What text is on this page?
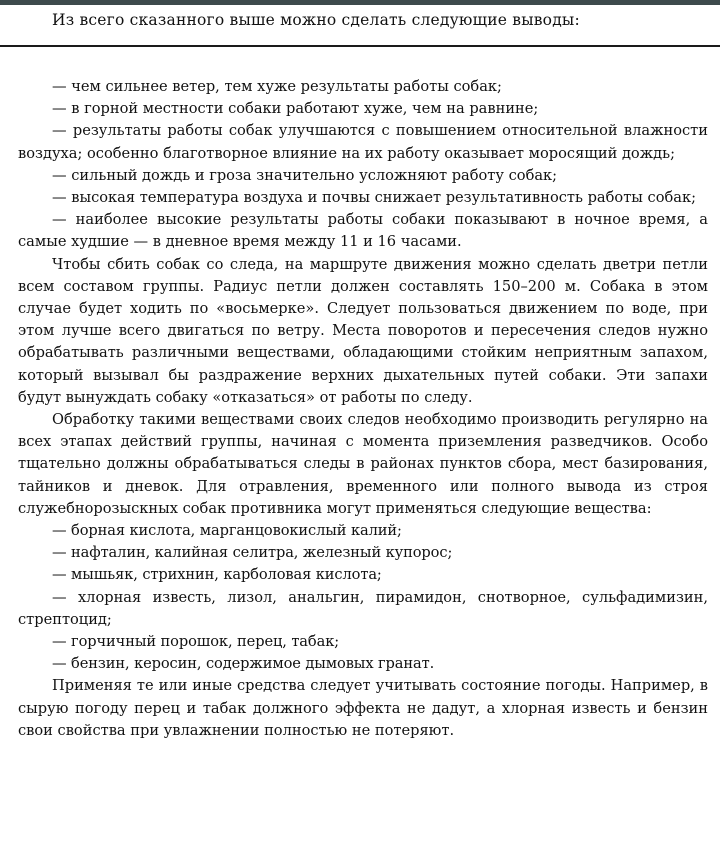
Из всего сказанного выше можно сделать следующие выводы:

— чем сильнее ветер, тем хуже результаты работы собак;

— в горной местности собаки работают хуже, чем на равнине;

— результаты работы собак улучшаются с повышением относительной влажности воздуха; особенно благотворное влияние на их работу оказывает моросящий дождь;

— сильный дождь и гроза значительно усложняют работу собак;

— высокая температура воздуха и почвы снижает результативность работы собак;

— наиболее высокие результаты работы собаки показывают в ночное время, а самые худшие — в дневное время между 11 и 16 часами.

Чтобы сбить собак со следа, на маршруте движения можно сделать дветри петли всем составом группы. Радиус петли должен составлять 150–200 м. Собака в этом случае будет ходить по «восьмерке». Следует пользоваться движением по воде, при этом лучше всего двигаться по ветру. Места поворотов и пересечения следов нужно обрабатывать различными веществами, обладающими стойким неприятным запахом, который вызывал бы раздражение верхних дыхательных путей собаки. Эти запахи будут вынуждать собаку «отказаться» от работы по следу.

Обработку такими веществами своих следов необходимо производить регулярно на всех этапах действий группы, начиная с момента приземления разведчиков. Особо тщательно должны обрабатываться следы в районах пунктов сбора, мест базирования, тайников и дневок. Для отравления, временного или полного вывода из строя служебнорозыскных собак противника могут применяться следующие вещества:

— борная кислота, марганцовокислый калий;

— нафталин, калийная селитра, железный купорос;

— мышьяк, стрихнин, карболовая кислота;

— хлорная известь, лизол, анальгин, пирамидон, снотворное, сульфадимизин, стрептоцид;

— горчичный порошок, перец, табак;

— бензин, керосин, содержимое дымовых гранат.

Применяя те или иные средства следует учитывать состояние погоды. Например, в сырую погоду перец и табак должного эффекта не дадут, а хлорная известь и бензин свои свойства при увлажнении полностью не потеряют.
